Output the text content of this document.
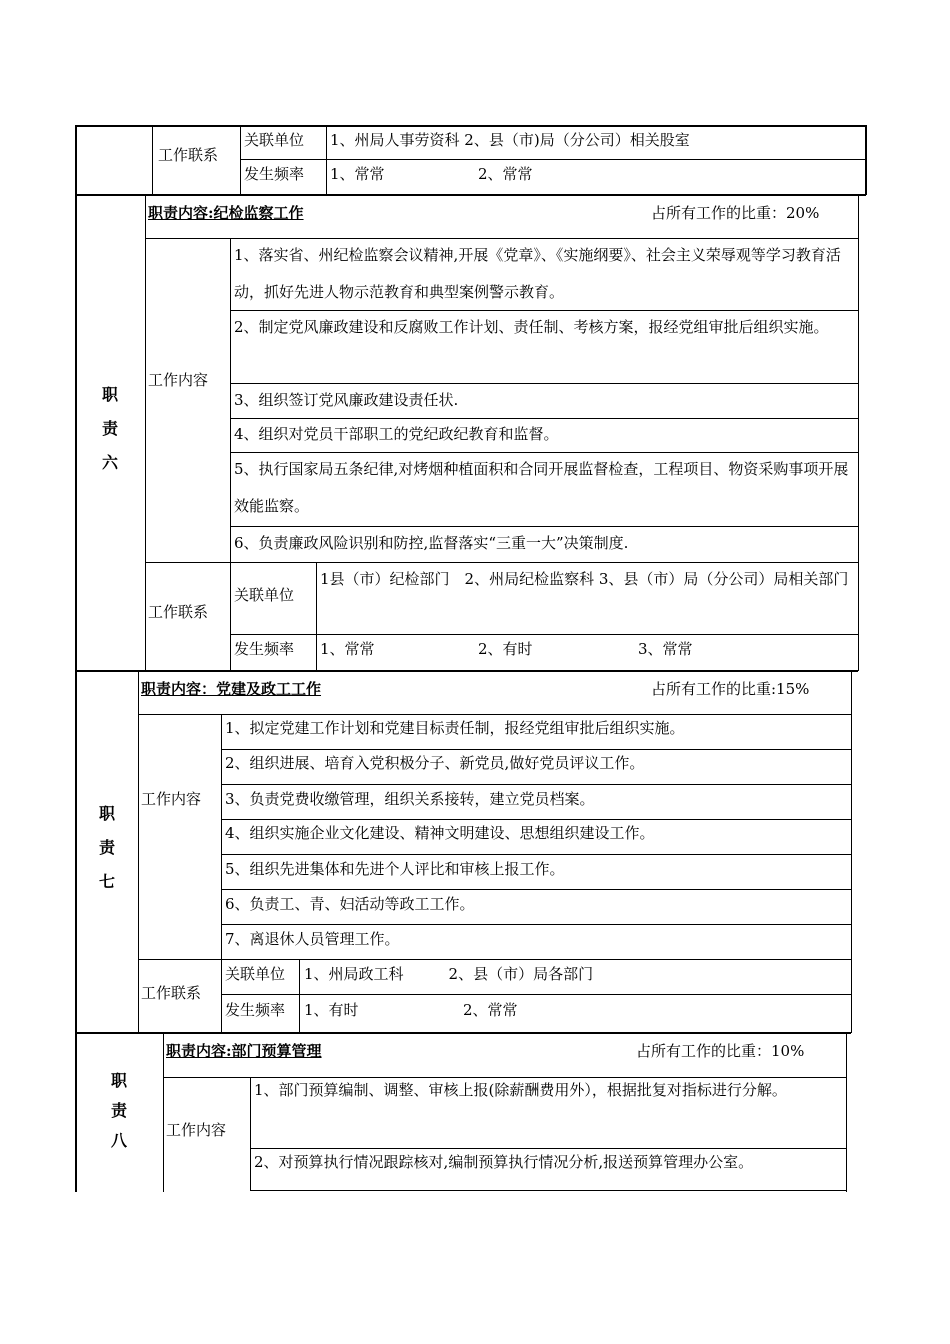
工作联系
关联单位 1、州局人事劳资科 2、县（市)局（分公司）相关股室
发生频率 1、常常	2、常常
职
责
六
职责内容:纪检监察工作	占所有工作的比重：20%
工作内容
1、落实省、州纪检监察会议精神,开展《党章》、《实施纲要》、社会主义荣辱观等学习教育活动，抓好先进人物示范教育和典型案例警示教育。
2、制定党风廉政建设和反腐败工作计划、责任制、考核方案，报经党组审批后组织实施。
3、组织签订党风廉政建设责任状.
4、组织对党员干部职工的党纪政纪教育和监督。
5、执行国家局五条纪律,对烤烟种植面积和合同开展监督检查，工程项目、物资采购事项开展效能监察。
6、负责廉政风险识别和防控,监督落实“三重一大”决策制度.
工作联系
关联单位
1县（市）纪检部门　2、州局纪检监察科 3、县（市）局（分公司）局相关部门
发生频率 1、常常	2、有时	3、常常
职
责
七
职责内容：党建及政工工作	占所有工作的比重:15%
工作内容
1、拟定党建工作计划和党建目标责任制，报经党组审批后组织实施。
2、组织进展、培育入党积极分子、新党员,做好党员评议工作。
3、负责党费收缴管理，组织关系接转，建立党员档案。
4、组织实施企业文化建设、精神文明建设、思想组织建设工作。
5、组织先进集体和先进个人评比和审核上报工作。
6、负责工、青、妇活动等政工工作。
7、离退休人员管理工作。
工作联系
关联单位 1、州局政工科　　　2、县（市）局各部门
发生频率 1、有时	2、常常
职
责
八
职责内容:部门预算管理	占所有工作的比重：10%
工作内容
1、部门预算编制、调整、审核上报(除薪酬费用外），根据批复对指标进行分解。
2、对预算执行情况跟踪核对,编制预算执行情况分析,报送预算管理办公室。
